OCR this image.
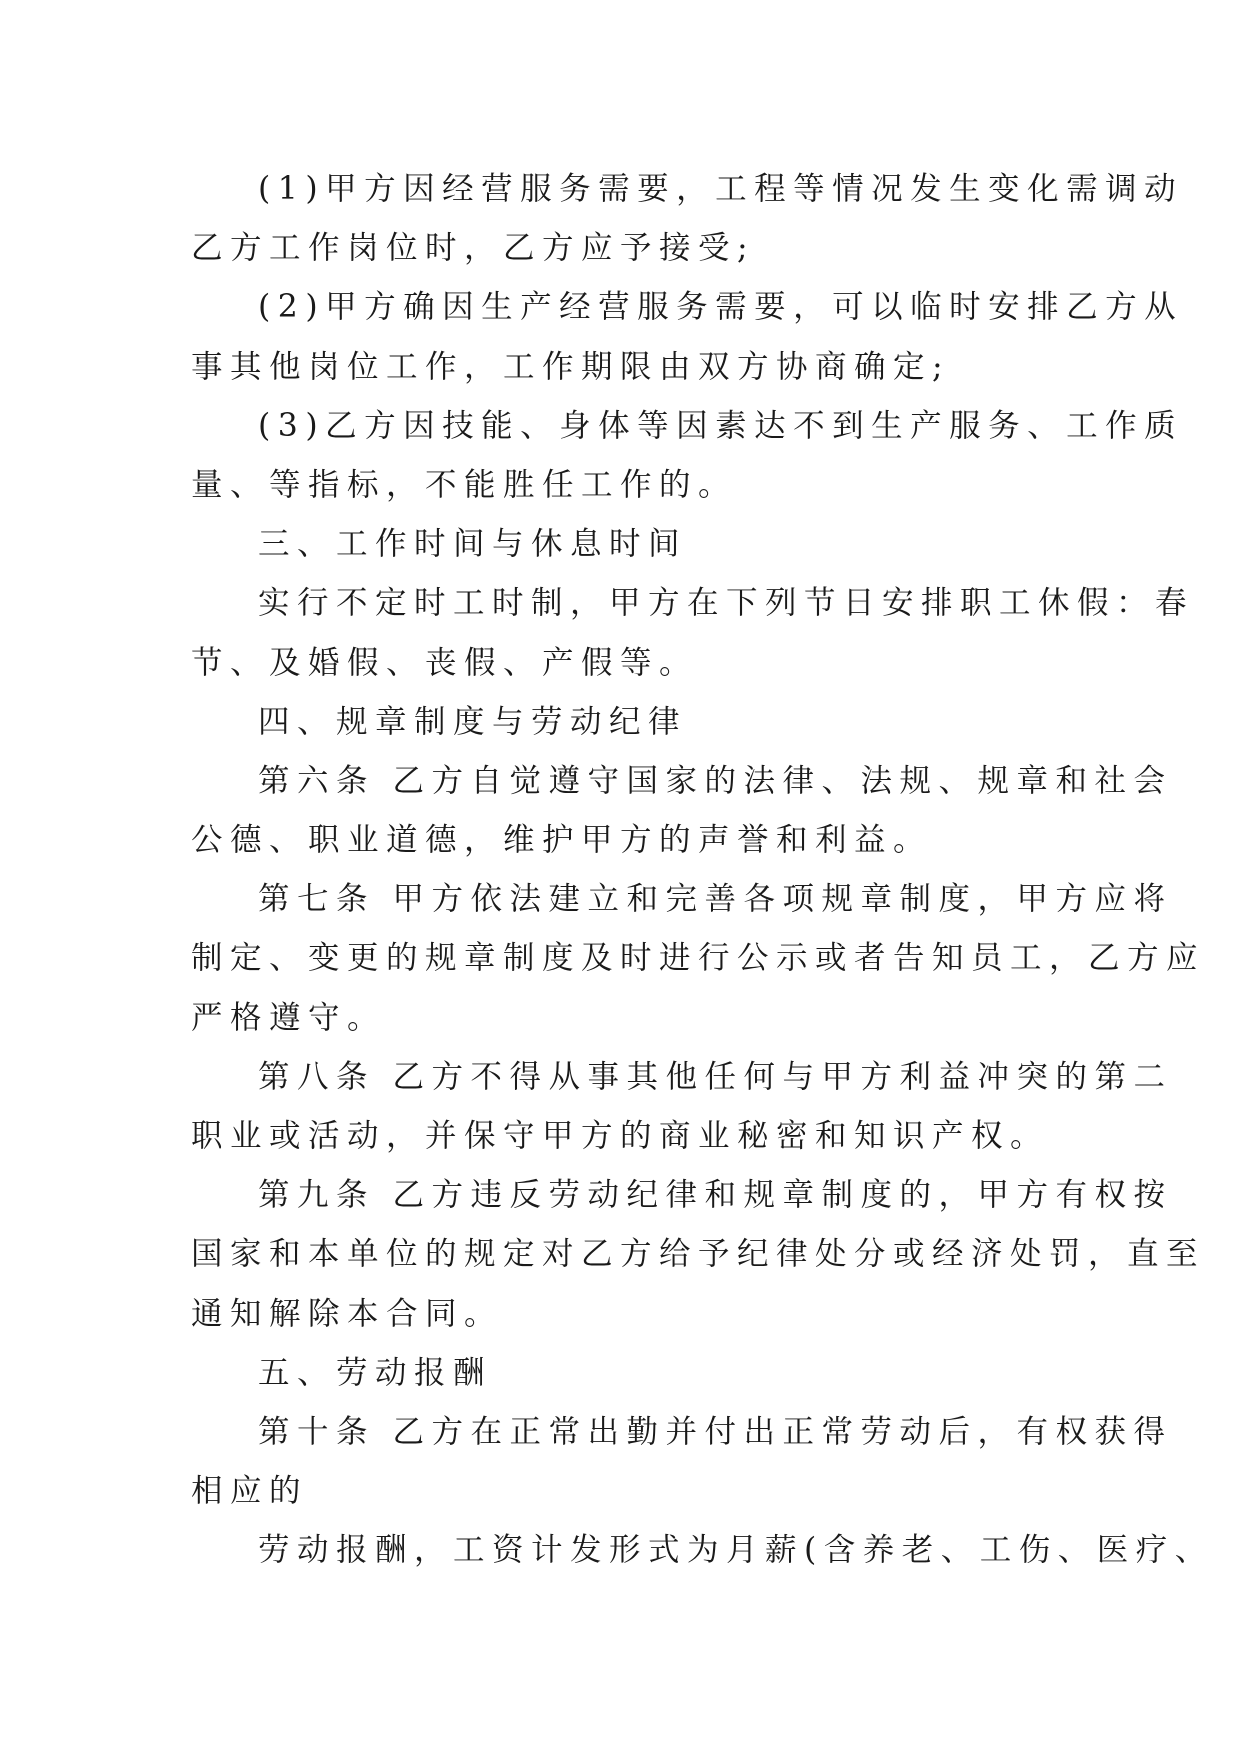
(1)甲方因经营服务需要，工程等情况发生变化需调动
乙方工作岗位时，乙方应予接受;
(2)甲方确因生产经营服务需要，可以临时安排乙方从
事其他岗位工作，工作期限由双方协商确定;
(3)乙方因技能、身体等因素达不到生产服务、工作质
量、等指标，不能胜任工作的。
三、工作时间与休息时间
实行不定时工时制，甲方在下列节日安排职工休假：春
节、及婚假、丧假、产假等。
四、规章制度与劳动纪律
第六条 乙方自觉遵守国家的法律、法规、规章和社会
公德、职业道德，维护甲方的声誉和利益。
第七条 甲方依法建立和完善各项规章制度，甲方应将
制定、变更的规章制度及时进行公示或者告知员工，乙方应
严格遵守。
第八条 乙方不得从事其他任何与甲方利益冲突的第二
职业或活动，并保守甲方的商业秘密和知识产权。
第九条 乙方违反劳动纪律和规章制度的，甲方有权按
国家和本单位的规定对乙方给予纪律处分或经济处罚，直至
通知解除本合同。
五、劳动报酬
第十条 乙方在正常出勤并付出正常劳动后，有权获得
相应的
劳动报酬，工资计发形式为月薪(含养老、工伤、医疗、
